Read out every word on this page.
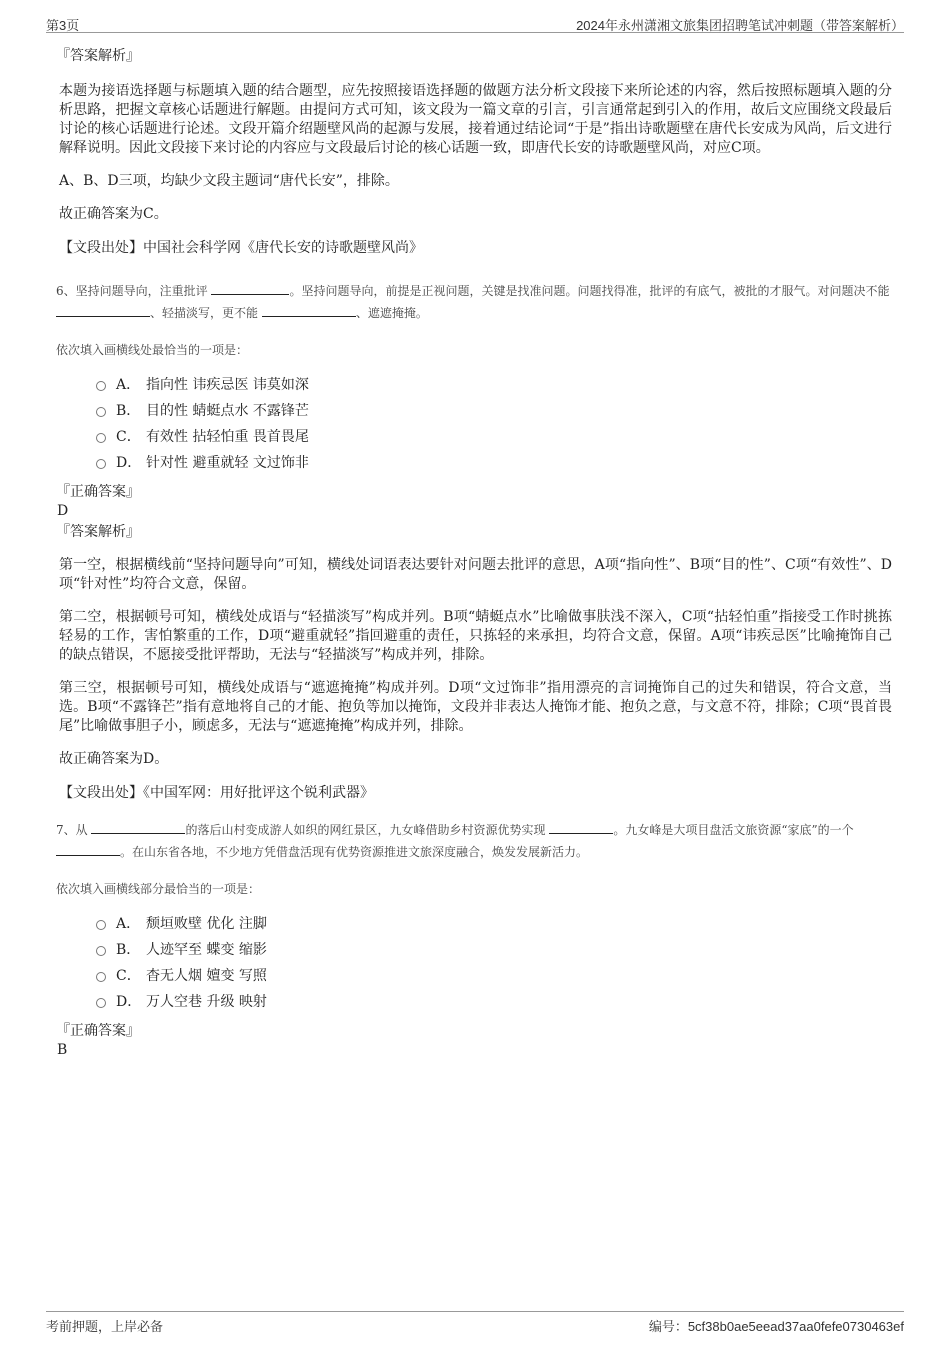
第3页	2024年永州潇湘文旅集团招聘笔试冲刺题（带答案解析）
『答案解析』

本题为接语选择题与标题填入题的结合题型，应先按照接语选择题的做题方法分析文段接下来所论述的内容，然后按照标题填入题的分析思路，把握文章核心话题进行解题。由提问方式可知，该文段为一篇文章的引言，引言通常起到引入的作用，故后文应围绕文段最后讨论的核心话题进行论述。文段开篇介绍题壁风尚的起源与发展，接着通过结论词“于是”指出诗歌题壁在唐代长安成为风尚，后文进行解释说明。因此文段接下来讨论的内容应与文段最后讨论的核心话题一致，即唐代长安的诗歌题壁风尚，对应C项。

A、B、D三项，均缺少文段主题词“唐代长安”，排除。

故正确答案为C。

【文段出处】中国社会科学网《唐代长安的诗歌题壁风尚》
6、坚持问题导向，注重批评	。坚持问题导向，前提是正视问题，关键是找准问题。问题找得准，批评的有底气，被批的才服气。对问题决不能 、轻描淡写，更不能	、遮遮掩掩。
依次填入画横线处最恰当的一项是：
A． 指向性 讳疾忌医 讳莫如深
B． 目的性 蜻蜓点水 不露锋芒
C． 有效性 拈轻怕重 畏首畏尾
D． 针对性 避重就轻 文过饰非
『正确答案』
D
『答案解析』

第一空，根据横线前“坚持问题导向”可知，横线处词语表达要针对问题去批评的意思，A项“指向性”、B项“目的性”、C项“有效性”、D项“针对性”均符合文意，保留。

第二空，根据顿号可知，横线处成语与“轻描淡写”构成并列。B项“蜻蜓点水”比喻做事肤浅不深入，C项“拈轻怕重”指接受工作时挑拣轻易的工作，害怕繁重的工作，D项“避重就轻”指回避重的责任，只拣轻的来承担，均符合文意，保留。A项“讳疾忌医”比喻掩饰自己的缺点错误，不愿接受批评帮助，无法与“轻描淡写”构成并列，排除。

第三空，根据顿号可知，横线处成语与“遮遮掩掩”构成并列。D项“文过饰非”指用漂亮的言词掩饰自己的过失和错误，符合文意，当选。B项“不露锋芒”指有意地将自己的才能、抱负等加以掩饰，文段并非表达人掩饰才能、抱负之意，与文意不符，排除；C项“畏首畏尾”比喻做事胆子小，顾虑多，无法与“遮遮掩掩”构成并列，排除。

故正确答案为D。

【文段出处】《中国军网：用好批评这个锐利武器》
7、从	的落后山村变成游人如织的网红景区，九女峰借助乡村资源优势实现	。九女峰是大项目盘活文旅资源“家底”的一个 。在山东省各地，不少地方凭借盘活现有优势资源推进文旅深度融合，焕发发展新活力。
依次填入画横线部分最恰当的一项是：
A． 颓垣败壁 优化 注脚
B． 人迹罕至 蝶变 缩影
C． 杳无人烟 嬗变 写照
D． 万人空巷 升级 映射
『正确答案』
B
考前押题，上岸必备	编号：5cf38b0ae5eead37aa0fefe0730463ef
